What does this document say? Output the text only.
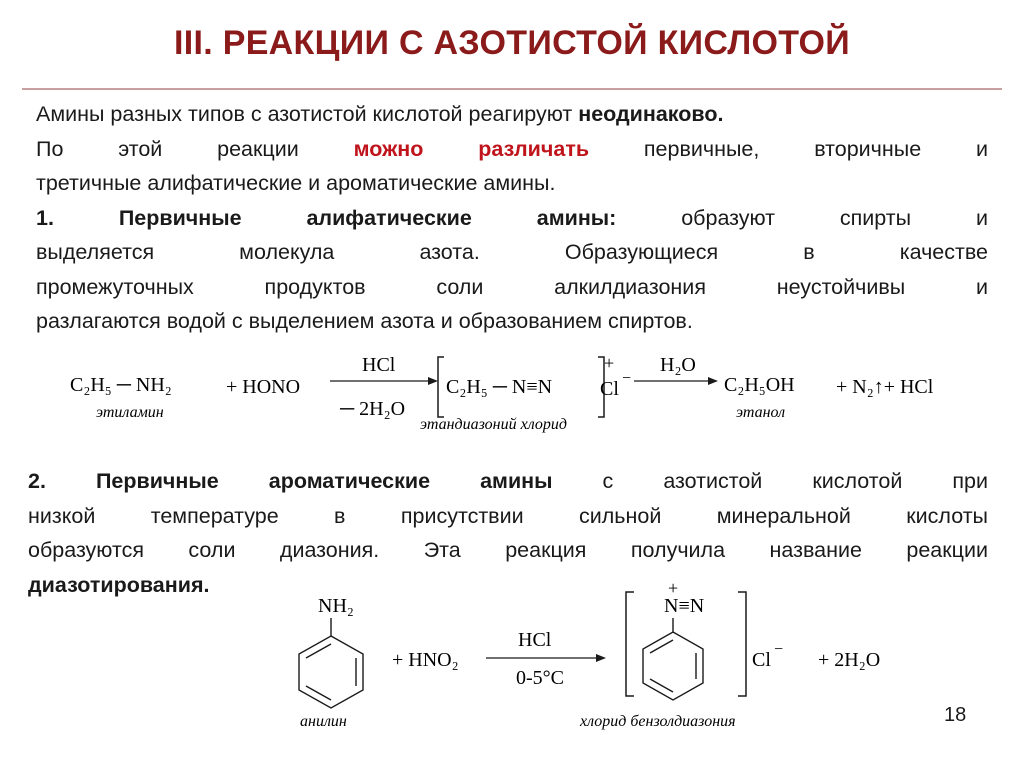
III. РЕАКЦИИ С АЗОТИСТОЙ КИСЛОТОЙ
Амины разных типов с азотистой кислотой реагируют неодинаково.
По этой реакции можно различать первичные, вторичные и
третичные алифатические и ароматические амины.
1. Первичные алифатические амины: образуют спирты и
выделяется молекула азота. Образующиеся в качестве
промежуточных продуктов соли алкилдиазония неустойчивы и
разлагаются водой с выделением азота и образованием спиртов.
C₂H₅ ─ NH₂	+ HONO
HCl
─ 2H₂O
C₂H₅ ─ N≡N
+
Cl −
H₂O
C₂H₅OH + N₂↑+ HCl
этиламин
этандиазоний хлорид
этанол
2. Первичные ароматические амины с азотистой кислотой при
низкой температуре в присутствии сильной минеральной кислоты
образуются соли диазония. Эта реакция получила название реакции
диазотирования.
NH₂
+ HNO₂
HCl
0-5°C
+
N≡N
Cl − + 2H₂O
анилин	хлорид бензолдиазония	18
